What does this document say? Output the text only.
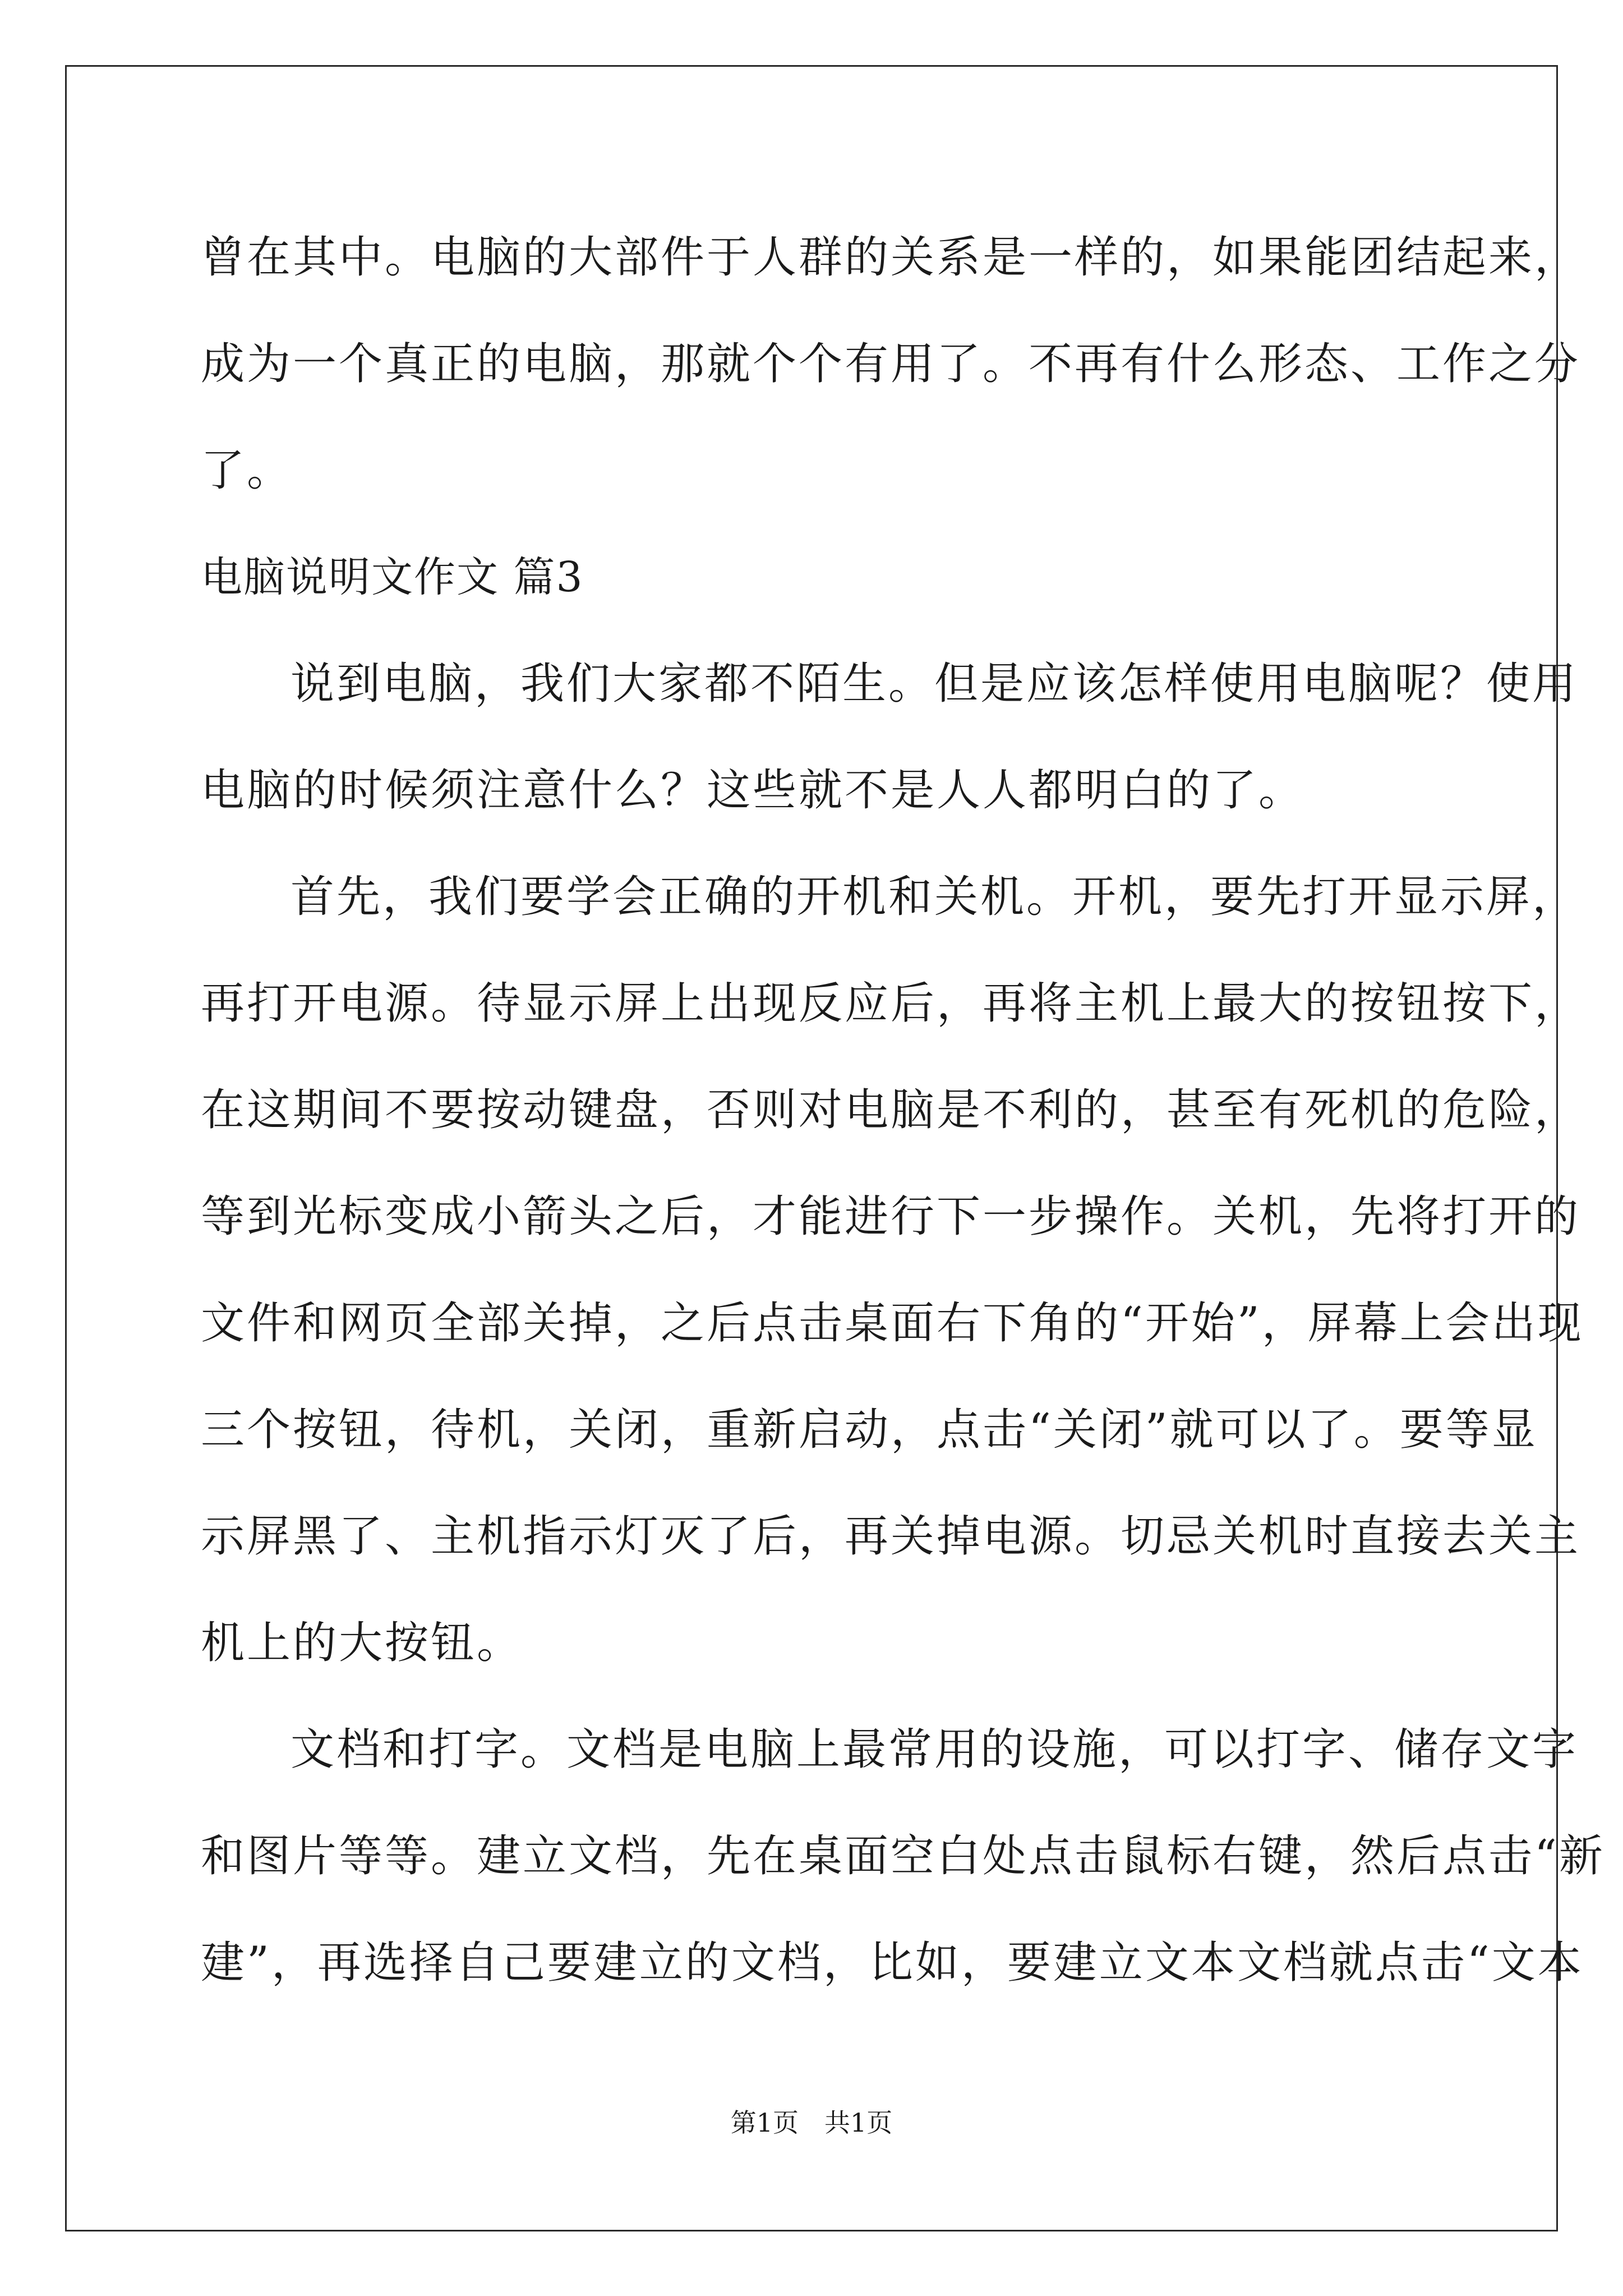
曾在其中。电脑的大部件于人群的关系是一样的，如果能团结起来，
成为一个真正的电脑，那就个个有用了。不再有什么形态、工作之分
了。
电脑说明文作文 篇3
说到电脑，我们大家都不陌生。但是应该怎样使用电脑呢？使用
电脑的时候须注意什么？这些就不是人人都明白的了。
首先，我们要学会正确的开机和关机。开机，要先打开显示屏，
再打开电源。待显示屏上出现反应后，再将主机上最大的按钮按下，
在这期间不要按动键盘，否则对电脑是不利的，甚至有死机的危险，
等到光标变成小箭头之后，才能进行下一步操作。关机，先将打开的
文件和网页全部关掉，之后点击桌面右下角的“开始”，屏幕上会出现
三个按钮，待机，关闭，重新启动，点击“关闭”就可以了。要等显
示屏黑了、主机指示灯灭了后，再关掉电源。切忌关机时直接去关主
机上的大按钮。
文档和打字。文档是电脑上最常用的设施，可以打字、储存文字
和图片等等。建立文档，先在桌面空白处点击鼠标右键，然后点击“新
建”，再选择自己要建立的文档，比如，要建立文本文档就点击“文本
第1页　共1页
